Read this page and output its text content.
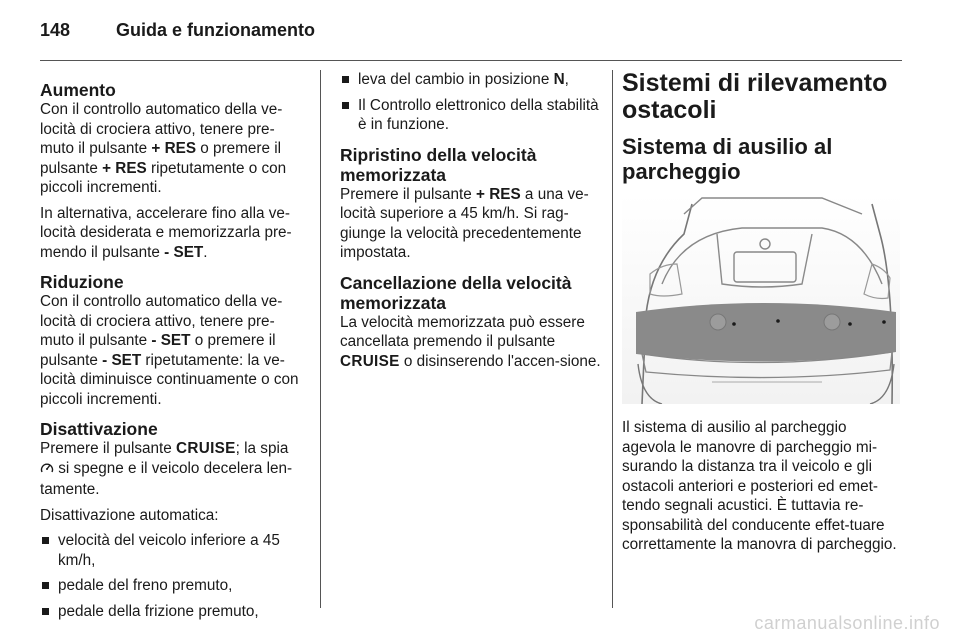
148	Guida e funzionamento
Aumento

Con il controllo automatico della ve-locità di crociera attivo, tenere pre-muto il pulsante + RES o premere il pulsante + RES ripetutamente o con piccoli incrementi.

In alternativa, accelerare fino alla ve-locità desiderata e memorizzarla pre-mendo il pulsante - SET.

Riduzione

Con il controllo automatico della ve-locità di crociera attivo, tenere pre-muto il pulsante - SET o premere il pulsante - SET ripetutamente: la ve-locità diminuisce continuamente o con piccoli incrementi.

Disattivazione

Premere il pulsante CRUISE; la spia  si spegne e il veicolo decelera len-tamente.

Disattivazione automatica:

velocità del veicolo inferiore a 45 km/h,
pedale del freno premuto,
pedale della frizione premuto,
leva del cambio in posizione N,
Il Controllo elettronico della stabilità è in funzione.
Ripristino della velocità memorizzata

Premere il pulsante + RES a una ve-locità superiore a 45 km/h. Si rag-giunge la velocità precedentemente impostata.

Cancellazione della velocità memorizzata

La velocità memorizzata può essere cancellata premendo il pulsante CRUISE o disinserendo l'accen-sione.

Sistemi di rilevamento ostacoli
Sistema di ausilio al parcheggio

Il sistema di ausilio al parcheggio agevola le manovre di parcheggio mi-surando la distanza tra il veicolo e gli ostacoli anteriori e posteriori ed emet-tendo segnali acustici. È tuttavia re-sponsabilità del conducente effet-tuare correttamente la manovra di parcheggio.

carmanualsonline.info
